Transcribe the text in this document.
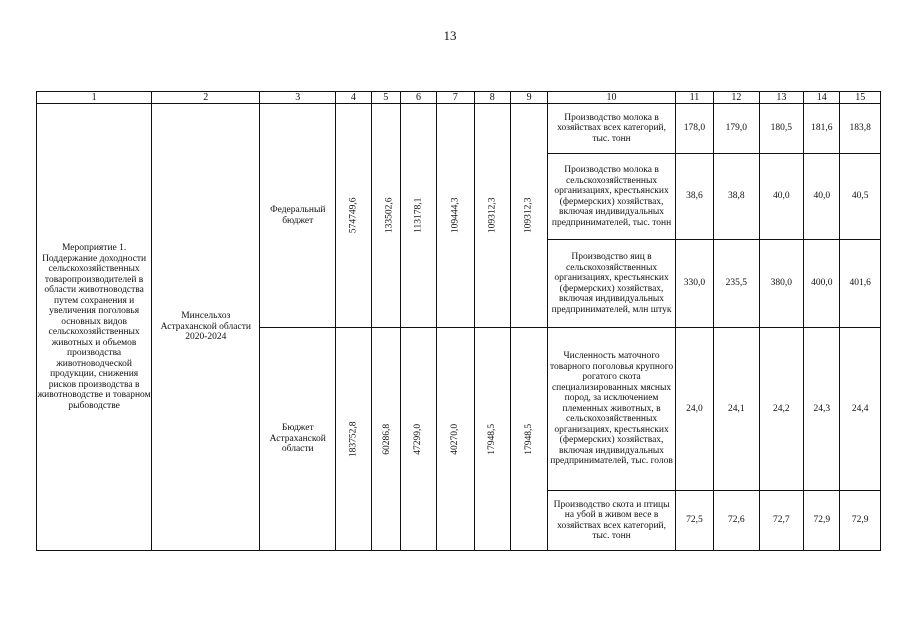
13
1	2	3	4	5	6	7	8	9	10	11	12	13	14	15
Мероприятие 1. Поддержание доходности сельскохозяйственных товаропроизводителей в области животноводства путем сохранения и увеличения поголовья основных видов сельскохозяйственных животных и объемов производства животноводческой продукции, снижения рисков производства в животноводстве и товарном рыбоводстве	Минсельхоз Астраханской области 2020-2024	Федеральный бюджет	574749,6	133502,6	113178,1	109444,3	109312,3	109312,3	Производство молока в хозяйствах всех категорий, тыс. тонн	178,0	179,0	180,5	181,6	183,8
									Производство молока в сельскохозяйственных организациях, крестьянских (фермерских) хозяйствах, включая индивидуальных предпринимателей, тыс. тонн	38,6	38,8	40,0	40,0	40,5
									Производство яиц в сельскохозяйственных организациях, крестьянских (фермерских) хозяйствах, включая индивидуальных предпринимателей, млн штук	330,0	235,5	380,0	400,0	401,6
		Бюджет Астраханской области	183752,8	60286,8	47299,0	40270,0	17948,5	17948,5	Численность маточного товарного поголовья крупного рогатого скота специализированных мясных пород, за исключением племенных животных, в сельскохозяйственных организациях, крестьянских (фермерских) хозяйствах, включая индивидуальных предпринимателей, тыс. голов	24,0	24,1	24,2	24,3	24,4
									Производство скота и птицы на убой в живом весе в хозяйствах всех категорий, тыс. тонн	72,5	72,6	72,7	72,9	72,9
